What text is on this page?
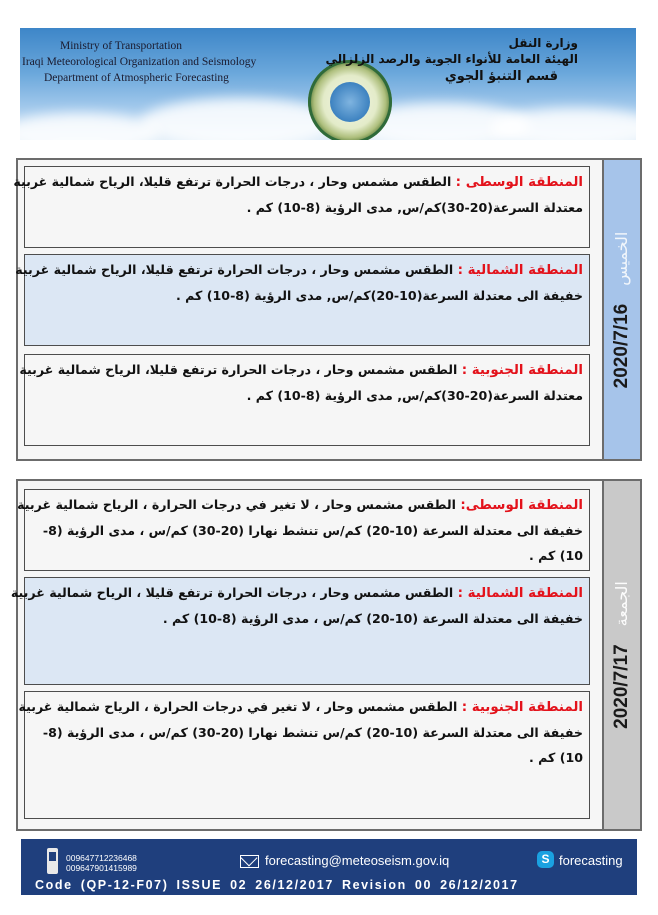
Ministry of Transportation
Iraqi Meteorological Organization and Seismology
Department of Atmospheric Forecasting
وزارة النقل
الهيئة العامة للأنواء الجوية والرصد الزلزالي
قسم التنبؤ الجوي
المنطقة الوسطى : الطقس مشمس وحار ، درجات الحرارة ترتفع قليلا، الرياح شمالية غربية
معتدلة السرعة(20-30)كم/س, مدى الرؤية (8-10) كم .
المنطقة الشمالية : الطقس مشمس وحار ، درجات الحرارة ترتفع قليلا، الرياح شمالية غربية
خفيفة الى معتدلة السرعة(10-20)كم/س, مدى الرؤية (8-10) كم .
المنطقة الجنوبية : الطقس مشمس وحار ، درجات الحرارة ترتفع قليلا، الرياح شمالية غربية
معتدلة السرعة(20-30)كم/س, مدى الرؤية (8-10) كم .
2020/7/16
الخميس
المنطقة الوسطى: الطقس مشمس وحار ، لا تغير في درجات الحرارة ، الرياح شمالية غربية
خفيفة الى معتدلة السرعة (10-20) كم/س تنشط نهارا (20-30) كم/س ، مدى الرؤية (8-
10) كم .
المنطقة الشمالية : الطقس مشمس وحار ، درجات الحرارة ترتفع قليلا ، الرياح شمالية غربية
خفيفة الى معتدلة السرعة (10-20) كم/س ، مدى الرؤية (8-10) كم .
المنطقة الجنوبية : الطقس مشمس وحار ، لا تغير في درجات الحرارة ، الرياح شمالية غربية
خفيفة الى معتدلة السرعة (10-20) كم/س تنشط نهارا (20-30) كم/س ، مدى الرؤية (8-
10) كم .
2020/7/17
الجمعة
009647712236468
009647901415989	forecasting@meteoseism.gov.iq	S forecasting
Code (QP-12-F07) ISSUE 02 26/12/2017 Revision 00 26/12/2017
